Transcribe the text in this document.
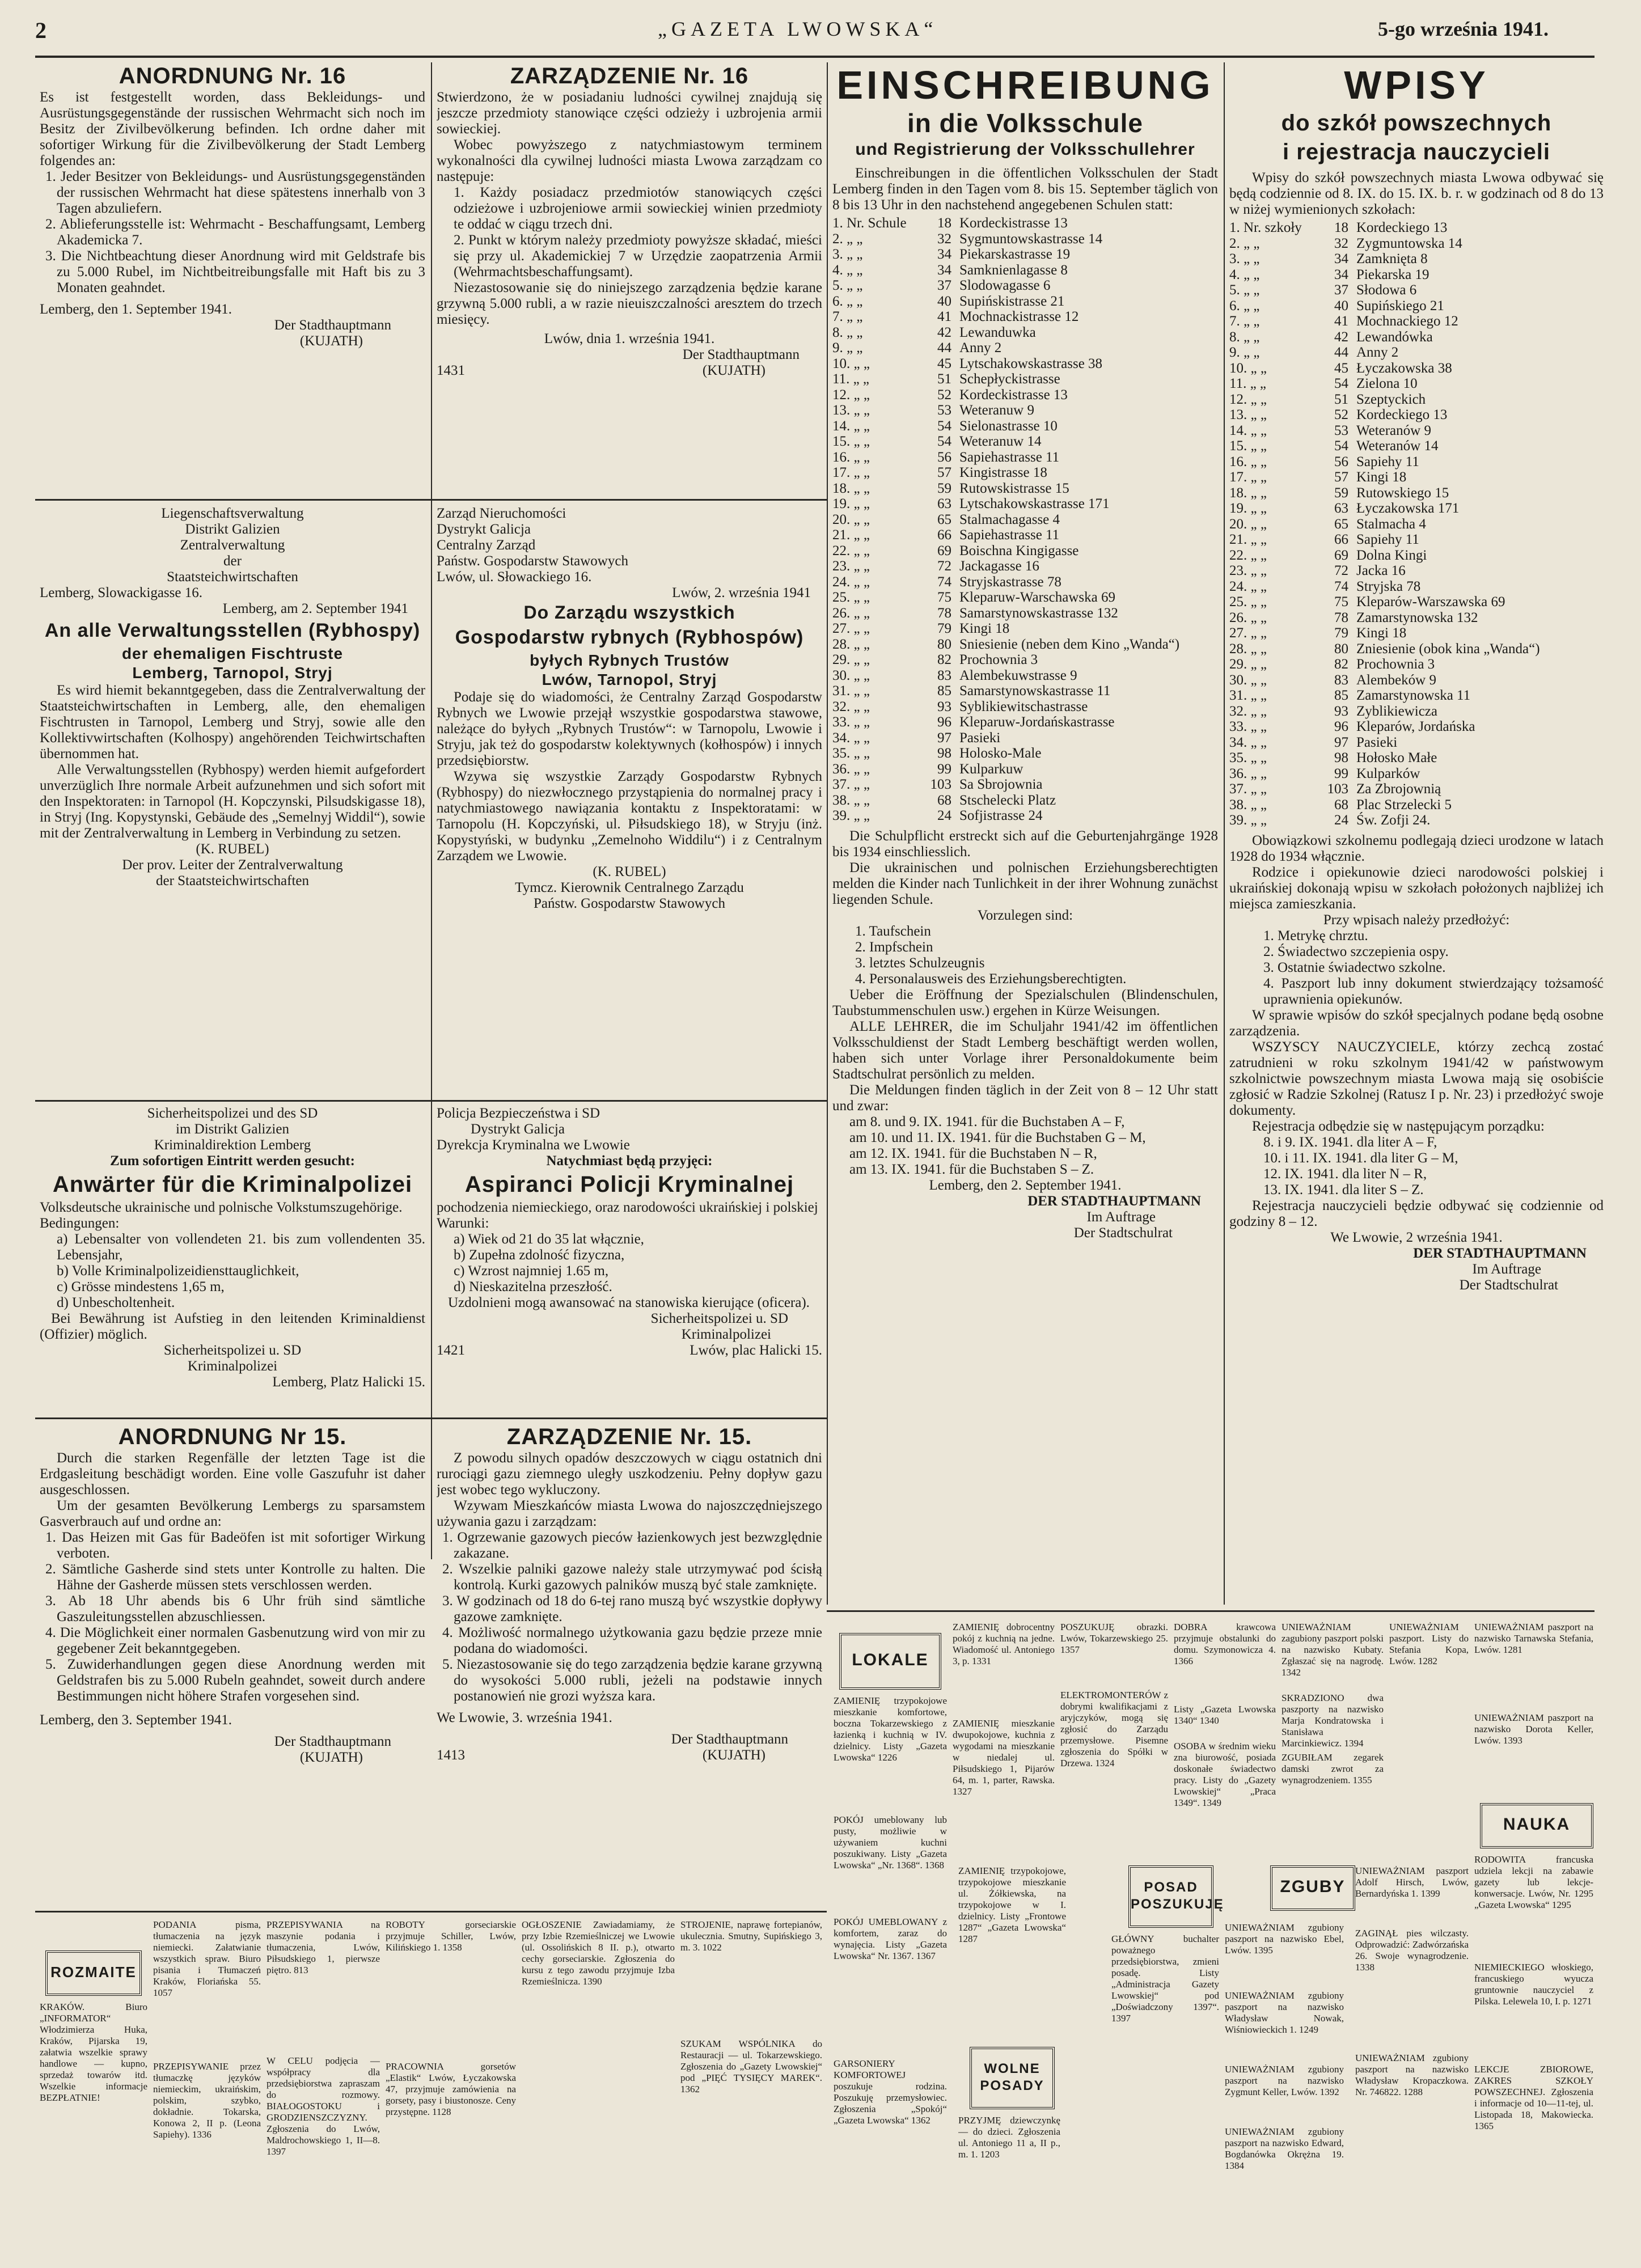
2	„GAZETA LWOWSKA“	5-go września 1941.

ANORDNUNG Nr. 16

Es ist festgestellt worden, dass Bekleidungs- und Ausrüstungsgegenstände der russischen Wehrmacht sich noch im Besitz der Zivilbevölkerung befinden. Ich ordne daher mit sofortiger Wirkung für die Zivilbevölkerung der Stadt Lemberg folgendes an:

1. Jeder Besitzer von Bekleidungs- und Ausrüstungsgegenständen der russischen Wehrmacht hat diese spätestens innerhalb von 3 Tagen abzuliefern.

2. Ablieferungsstelle ist: Wehrmacht - Beschaffungsamt, Lemberg Akademicka 7.

3. Die Nichtbeachtung dieser Anordnung wird mit Geldstrafe bis zu 5.000 Rubel, im Nichtbeitreibungsfalle mit Haft bis zu 3 Monaten geahndet.

Lemberg, den 1. September 1941.

Der Stadthauptmann

(KUJATH)

ZARZĄDZENIE Nr. 16

Stwierdzono, że w posiadaniu ludności cywilnej znajdują się jeszcze przedmioty stanowiące części odzieży i uzbrojenia armii sowieckiej.

Wobec powyższego z natychmiastowym terminem wykonalności dla cywilnej ludności miasta Lwowa zarządzam co następuje:

1. Każdy posiadacz przedmiotów stanowiących części odzieżowe i uzbrojeniowe armii sowieckiej winien przedmioty te oddać w ciągu trzech dni.

2. Punkt w którym należy przedmioty powyższe składać, mieści się przy ul. Akademickiej 7 w Urzędzie zaopatrzenia Armii (Wehrmachtsbeschaffungsamt).

Niezastosowanie się do niniejszego zarządzenia będzie karane grzywną 5.000 rubli, a w razie nieuiszczalności aresztem do trzech miesięcy.

Lwów, dnia 1. września 1941.

Der Stadthauptmann

1431	(KUJATH)

Liegenschaftsverwaltung

Distrikt Galizien

Zentralverwaltung

der

Staatsteichwirtschaften

Lemberg, Slowackigasse 16.

Lemberg, am 2. September 1941

An alle Verwaltungsstellen (Rybhospy)

der ehemaligen Fischtruste

Lemberg, Tarnopol, Stryj

Es wird hiemit bekanntgegeben, dass die Zentralverwaltung der Staatsteichwirtschaften in Lemberg, alle, den ehemaligen Fischtrusten in Tarnopol, Lemberg und Stryj, sowie alle den Kollektivwirtschaften (Kolhospy) angehörenden Teichwirtschaften übernommen hat.

Alle Verwaltungsstellen (Rybhospy) werden hiemit aufgefordert unverzüglich Ihre normale Arbeit aufzunehmen und sich sofort mit den Inspektoraten: in Tarnopol (H. Kopczynski, Pilsudskigasse 18), in Stryj (Ing. Kopystynski, Gebäude des „Semelnyj Widdil“), sowie mit der Zentralverwaltung in Lemberg in Verbindung zu setzen.

(K. RUBEL)

Der prov. Leiter der Zentralverwaltung

der Staatsteichwirtschaften

Zarząd Nieruchomości

Dystrykt Galicja

Centralny Zarząd

Państw. Gospodarstw Stawowych

Lwów, ul. Słowackiego 16.

Lwów, 2. września 1941

Do Zarządu wszystkich

Gospodarstw rybnych (Rybhospów)

byłych Rybnych Trustów

Lwów, Tarnopol, Stryj

Podaje się do wiadomości, że Centralny Zarząd Gospodarstw Rybnych we Lwowie przejął wszystkie gospodarstwa stawowe, należące do byłych „Rybnych Trustów“: w Tarnopolu, Lwowie i Stryju, jak też do gospodarstw kolektywnych (kołhospów) i innych przedsiębiorstw.

Wzywa się wszystkie Zarządy Gospodarstw Rybnych (Rybhospy) do niezwłocznego przystąpienia do normalnej pracy i natychmiastowego nawiązania kontaktu z Inspektoratami: w Tarnopolu (H. Kopczyński, ul. Piłsudskiego 18), w Stryju (inż. Kopystyński, w budynku „Zemelnoho Widdilu“) i z Centralnym Zarządem we Lwowie.

(K. RUBEL)

Tymcz. Kierownik Centralnego Zarządu

Państw. Gospodarstw Stawowych

Sicherheitspolizei und des SD

im Distrikt Galizien

Kriminaldirektion Lemberg

Zum sofortigen Eintritt werden gesucht:

Anwärter für die Kriminalpolizei

Volksdeutsche ukrainische und polnische Volkstumszugehörige.

Bedingungen:

a) Lebensalter von vollendeten 21. bis zum vollendenten 35. Lebensjahr,

b) Volle Kriminalpolizeidiensttauglichkeit,

c) Grösse mindestens 1,65 m,

d) Unbescholtenheit.

Bei Bewährung ist Aufstieg in den leitenden Kriminaldienst (Offizier) möglich.

Sicherheitspolizei u. SD

Kriminalpolizei

Lemberg, Platz Halicki 15.

Policja Bezpieczeństwa i SD

Dystrykt Galicja

Dyrekcja Kryminalna we Lwowie

Natychmiast będą przyjęci:

Aspiranci Policji Kryminalnej

pochodzenia niemieckiego, oraz narodowości ukraińskiej i polskiej

Warunki:

a) Wiek od 21 do 35 lat włącznie,

b) Zupełna zdolność fizyczna,

c) Wzrost najmniej 1.65 m,

d) Nieskazitelna przeszłość.

Uzdolnieni mogą awansować na stanowiska kierujące (oficera).

Sicherheitspolizei u. SD

Kriminalpolizei

1421	Lwów, plac Halicki 15.

ANORDNUNG Nr 15.

Durch die starken Regenfälle der letzten Tage ist die Erdgasleitung beschädigt worden. Eine volle Gaszufuhr ist daher ausgeschlossen.

Um der gesamten Bevölkerung Lembergs zu sparsamstem Gasverbrauch auf und ordne an:

1. Das Heizen mit Gas für Badeöfen ist mit sofortiger Wirkung verboten.

2. Sämtliche Gasherde sind stets unter Kontrolle zu halten. Die Hähne der Gasherde müssen stets verschlossen werden.

3. Ab 18 Uhr abends bis 6 Uhr früh sind sämtliche Gaszuleitungsstellen abzuschliessen.

4. Die Möglichkeit einer normalen Gasbenutzung wird von mir zu gegebener Zeit bekanntgegeben.

5. Zuwiderhandlungen gegen diese Anordnung werden mit Geldstrafen bis zu 5.000 Rubeln geahndet, soweit durch andere Bestimmungen nicht höhere Strafen vorgesehen sind.

Lemberg, den 3. September 1941.

Der Stadthauptmann

(KUJATH)

ZARZĄDZENIE Nr. 15.

Z powodu silnych opadów deszczowych w ciągu ostatnich dni rurociągi gazu ziemnego uległy uszkodzeniu. Pełny dopływ gazu jest wobec tego wykluczony.

Wzywam Mieszkańców miasta Lwowa do najoszczędniejszego używania gazu i zarządzam:

1. Ogrzewanie gazowych pieców łazienkowych jest bezwzględnie zakazane.

2. Wszelkie palniki gazowe należy stale utrzymywać pod ścisłą kontrolą. Kurki gazowych palników muszą być stale zamknięte.

3. W godzinach od 18 do 6-tej rano muszą być wszystkie dopływy gazowe zamknięte.

4. Możliwość normalnego użytkowania gazu będzie przeze mnie podana do wiadomości.

5. Niezastosowanie się do tego zarządzenia będzie karane grzywną do wysokości 5.000 rubli, jeżeli na podstawie innych postanowień nie grozi wyższa kara.

We Lwowie, 3. września 1941.

Der Stadthauptmann

1413	(KUJATH)

EINSCHREIBUNG

in die Volksschule

und Registrierung der Volksschullehrer

Einschreibungen in die öffentlichen Volksschulen der Stadt Lemberg finden in den Tagen vom 8. bis 15. September täglich von 8 bis 13 Uhr in den nachstehend angegebenen Schulen statt:

1. Nr. Schule	18 Kordeckistrasse 13
2. „ „	32 Sygmuntowskastrasse 14
3. „ „	34 Piekarskastrasse 19
4. „ „	34 Samknienlagasse 8
5. „ „	37 Slodowagasse 6
6. „ „	40 Supińskistrasse 21
7. „ „	41 Mochnackistrasse 12
8. „ „	42 Lewanduwka
9. „ „	44 Anny 2
10. „ „	45 Lytschakowskastrasse 38
11. „ „	51 Schepłyckistrasse
12. „ „	52 Kordeckistrasse 13
13. „ „	53 Weteranuw 9
14. „ „	54 Sielonastrasse 10
15. „ „	54 Weteranuw 14
16. „ „	56 Sapiehastrasse 11
17. „ „	57 Kingistrasse 18
18. „ „	59 Rutowskistrasse 15
19. „ „	63 Lytschakowskastrasse 171
20. „ „	65 Stalmachagasse 4
21. „ „	66 Sapiehastrasse 11
22. „ „	69 Boischna Kingigasse
23. „ „	72 Jackagasse 16
24. „ „	74 Stryjskastrasse 78
25. „ „	75 Kleparuw-Warschawska 69
26. „ „	78 Samarstynowskastrasse 132
27. „ „	79 Kingi 18
28. „ „	80 Sniesienie (neben dem Kino „Wanda“)
29. „ „	82 Prochownia 3
30. „ „	83 Alembekuwstrasse 9
31. „ „	85 Samarstynowskastrasse 11
32. „ „	93 Syblikiewitschastrasse
33. „ „	96 Kleparuw-Jordańskastrasse
34. „ „	97 Pasieki
35. „ „	98 Holosko-Male
36. „ „	99 Kulparkuw
37. „ „	103 Sa Sbrojownia
38. „ „	68 Stschelecki Platz
39. „ „	24 Sofjistrasse 24

Die Schulpflicht erstreckt sich auf die Geburtenjahrgänge 1928 bis 1934 einschliesslich.

Die ukrainischen und polnischen Erziehungsberechtigten melden die Kinder nach Tunlichkeit in der ihrer Wohnung zunächst liegenden Schule.

Vorzulegen sind:

1. Taufschein

2. Impfschein

3. letztes Schulzeugnis

4. Personalausweis des Erziehungsberechtigten.

Ueber die Eröffnung der Spezialschulen (Blindenschulen, Taubstummenschulen usw.) ergehen in Kürze Weisungen.

ALLE LEHRER, die im Schuljahr 1941/42 im öffentlichen Volksschuldienst der Stadt Lemberg beschäftigt werden wollen, haben sich unter Vorlage ihrer Personaldokumente beim Stadtschulrat persönlich zu melden.

Die Meldungen finden täglich in der Zeit von 8 – 12 Uhr statt und zwar:

am 8. und 9. IX. 1941. für die Buchstaben A – F,

am 10. und 11. IX. 1941. für die Buchstaben G – M,

am 12. IX. 1941. für die Buchstaben N – R,

am 13. IX. 1941. für die Buchstaben S – Z.

Lemberg, den 2. September 1941.

DER STADTHAUPTMANN

Im Auftrage

Der Stadtschulrat

WPISY

do szkół powszechnych

i rejestracja nauczycieli

Wpisy do szkół powszechnych miasta Lwowa odbywać się będą codziennie od 8. IX. do 15. IX. b. r. w godzinach od 8 do 13 w niżej wymienionych szkołach:

1. Nr. szkoły	18 Kordeckiego 13
2. „ „	32 Zygmuntowska 14
3. „ „	34 Zamknięta 8
4. „ „	34 Piekarska 19
5. „ „	37 Słodowa 6
6. „ „	40 Supińskiego 21
7. „ „	41 Mochnackiego 12
8. „ „	42 Lewandówka
9. „ „	44 Anny 2
10. „ „	45 Łyczakowska 38
11. „ „	54 Zielona 10
12. „ „	51 Szeptyckich
13. „ „	52 Kordeckiego 13
14. „ „	53 Weteranów 9
15. „ „	54 Weteranów 14
16. „ „	56 Sapiehy 11
17. „ „	57 Kingi 18
18. „ „	59 Rutowskiego 15
19. „ „	63 Łyczakowska 171
20. „ „	65 Stalmacha 4
21. „ „	66 Sapiehy 11
22. „ „	69 Dolna Kingi
23. „ „	72 Jacka 16
24. „ „	74 Stryjska 78
25. „ „	75 Kleparów-Warszawska 69
26. „ „	78 Zamarstynowska 132
27. „ „	79 Kingi 18
28. „ „	80 Zniesienie (obok kina „Wanda“)
29. „ „	82 Prochownia 3
30. „ „	83 Alembeków 9
31. „ „	85 Zamarstynowska 11
32. „ „	93 Zyblikiewicza
33. „ „	96 Kleparów, Jordańska
34. „ „	97 Pasieki
35. „ „	98 Hołosko Małe
36. „ „	99 Kulparków
37. „ „	103 Za Zbrojownią
38. „ „	68 Plac Strzelecki 5
39. „ „	24 Św. Zofji 24.

Obowiązkowi szkolnemu podlegają dzieci urodzone w latach 1928 do 1934 włącznie.

Rodzice i opiekunowie dzieci narodowości polskiej i ukraińskiej dokonają wpisu w szkołach położonych najbliżej ich miejsca zamieszkania.

Przy wpisach należy przedłożyć:

1. Metrykę chrztu.

2. Świadectwo szczepienia ospy.

3. Ostatnie świadectwo szkolne.

4. Paszport lub inny dokument stwierdzający tożsamość uprawnienia opiekunów.

W sprawie wpisów do szkół specjalnych podane będą osobne zarządzenia.

WSZYSCY NAUCZYCIELE, którzy zechcą zostać zatrudnieni w roku szkolnym 1941/42 w państwowym szkolnictwie powszechnym miasta Lwowa mają się osobiście zgłosić w Radzie Szkolnej (Ratusz I p. Nr. 23) i przedłożyć swoje dokumenty.

Rejestracja odbędzie się w następującym porządku:

8. i 9. IX. 1941. dla liter A – F,

10. i 11. IX. 1941. dla liter G – M,

12. IX. 1941. dla liter N – R,

13. IX. 1941. dla liter S – Z.

Rejestracja nauczycieli będzie odbywać się codziennie od godziny 8 – 12.

We Lwowie, 2 września 1941.

DER STADTHAUPTMANN

Im Auftrage

Der Stadtschulrat

LOKALE
ZAMIENIĘ trzypokojowe mieszkanie komfortowe, boczna Tokarzewskiego z łazienką i kuchnią w IV. dzielnicy. Listy „Gazeta Lwowska“ 1226
POKÓJ umeblowany lub pusty, możliwie w używaniem kuchni poszukiwany. Listy „Gazeta Lwowska“ „Nr. 1368“. 1368
ZAMIENIĘ dobrocentny pokój z kuchnią na jedne. Wiadomość ul. Antoniego 3, p. 1331
ZAMIENIĘ mieszkanie dwupokojowe, kuchnia z wygodami na mieszkanie w niedalej ul. Piłsudskiego 1, Pijarów 64, m. 1, parter, Rawska. 1327
POSZUKUJĘ obrazki. Lwów, Tokarzewskiego 25. 1357
ELEKTROMONTERÓW z dobrymi kwalifikacjami z aryjczyków, mogą się zgłosić do Zarządu przemysłowe. Pisemne zgłoszenia do Spółki w Drzewa. 1324
DOBRA krawcowa przyjmuje obstalunki do domu. Szymonowicza 4. 1366
Listy „Gazeta Lwowska 1340“ 1340
OSOBA w średnim wieku zna biurowość, posiada doskonałe świadectwo pracy. Listy do „Gazety Lwowskiej“ „Praca 1349“. 1349
UNIEWAŻNIAM zagubiony paszport polski na nazwisko Kubaty. Zgłaszać się na nagrodę. 1342
SKRADZIONO dwa paszporty na nazwisko Marja Kondratowska i Stanisława Marcinkiewicz. 1394
ZGUBIŁAM zegarek damski zwrot za wynagrodzeniem. 1355
UNIEWAŻNIAM paszport na nazwisko Tarnawska Stefania, Lwów. 1281
UNIEWAŻNIAM paszport na nazwisko Dorota Keller, Lwów. 1393
UNIEWAŻNIAM paszport. Listy do Stefania Kopa, Lwów. 1282
NAUKA
RODOWITA francuska udziela lekcji na zabawie gazety lub lekcje-konwersacje. Lwów, Nr. 1295 „Gazeta Lwowska“ 1295
NIEMIECKIEGO włoskiego, francuskiego wyucza gruntownie nauczyciel z Pilska. Lelewela 10, I. p. 1271
LEKCJE ZBIOROWE, ZAKRES SZKOŁY POWSZECHNEJ. Zgłoszenia i informacje od 10—11-tej, ul. Listopada 18, Makowiecka. 1365
ZGUBY
UNIEWAŻNIAM zgubiony paszport na nazwisko Ebel, Lwów. 1395
UNIEWAŻNIAM zgubiony paszport na nazwisko Władysław Nowak, Wiśniowieckich 1. 1249
UNIEWAŻNIAM zgubiony paszport na nazwisko Zygmunt Keller, Lwów. 1392
UNIEWAŻNIAM zgubiony paszport na nazwisko Edward, Bogdanówka Okrężna 19. 1384
UNIEWAŻNIAM paszport Adolf Hirsch, Lwów, Bernardyńska 1. 1399
ZAGINĄŁ pies wilczasty. Odprowadzić: Zadwórzańska 26. Swoje wynagrodzenie. 1338
UNIEWAŻNIAM zgubiony paszport na nazwisko Władysław Kropaczkowa. Nr. 746822. 1288
POSAD POSZUKUJĘ
GŁÓWNY buchalter poważnego przedsiębiorstwa, zmieni posadę. Listy „Administracja Gazety Lwowskiej“ pod „Doświadczony 1397“. 1397
WOLNE POSADY
PRZYJMĘ dziewczynkę — do dzieci. Zgłoszenia ul. Antoniego 11 a, II p., m. 1. 1203
POKÓJ UMEBLOWANY z komfortem, zaraz do wynajęcia. Listy „Gazeta Lwowska“ Nr. 1367. 1367
GARSONIERY KOMFORTOWEJ poszukuje rodzina. Poszukuję przemysłowiec. Zgłoszenia „Spokój“ „Gazeta Lwowska“ 1362
ZAMIENIĘ trzypokojowe, trzypokojowe mieszkanie ul. Żółkiewska, na trzypokojowe w I. dzielnicy. Listy „Frontowe 1287“ „Gazeta Lwowska“ 1287
ROZMAITE
KRAKÓW. Biuro „INFORMATOR“ Włodzimierza Huka, Kraków, Pijarska 19, załatwia wszelkie sprawy handlowe — kupno, sprzedaż towarów itd. Wszelkie informacje BEZPŁATNIE!
PODANIA pisma, tłumaczenia na język niemiecki. Załatwianie wszystkich spraw. Biuro pisania i Tłumaczeń Kraków, Floriańska 55. 1057
PRZEPISYWANIE przez tłumaczkę języków niemieckim, ukraińskim, polskim, szybko, dokładnie. Tokarska, Konowa 2, II p. (Leona Sapiehy). 1336
PRZEPISYWANIA na maszynie podania i tłumaczenia, Lwów, Piłsudskiego 1, pierwsze piętro. 813
W CELU podjęcia — współpracy dla przedsiębiorstwa zapraszam do rozmowy. BIAŁOGOSTOKU i GRODZIENSZCZYZNY. Zgłoszenia do Lwów, Maldrochowskiego 1, II—8. 1397
ROBOTY gorseciarskie przyjmuje Schiller, Lwów, Kilińskiego 1. 1358
PRACOWNIA gorsetów „Elastik“ Lwów, Łyczakowska 47, przyjmuje zamówienia na gorsety, pasy i biustonosze. Ceny przystępne. 1128
OGŁOSZENIE Zawiadamiamy, że przy Izbie Rzemieślniczej we Lwowie (ul. Ossolińskich 8 II. p.), otwarto cechy gorseciarskie. Zgłoszenia do kursu z tego zawodu przyjmuje Izba Rzemieślnicza. 1390
STROJENIE, naprawę fortepianów, ukulecznia. Smutny, Supińskiego 3, m. 3. 1022
SZUKAM WSPÓLNIKA do Restauracji — ul. Tokarzewskiego. Zgłoszenia do „Gazety Lwowskiej“ pod „PIĘĆ TYSIĘCY MAREK“. 1362
